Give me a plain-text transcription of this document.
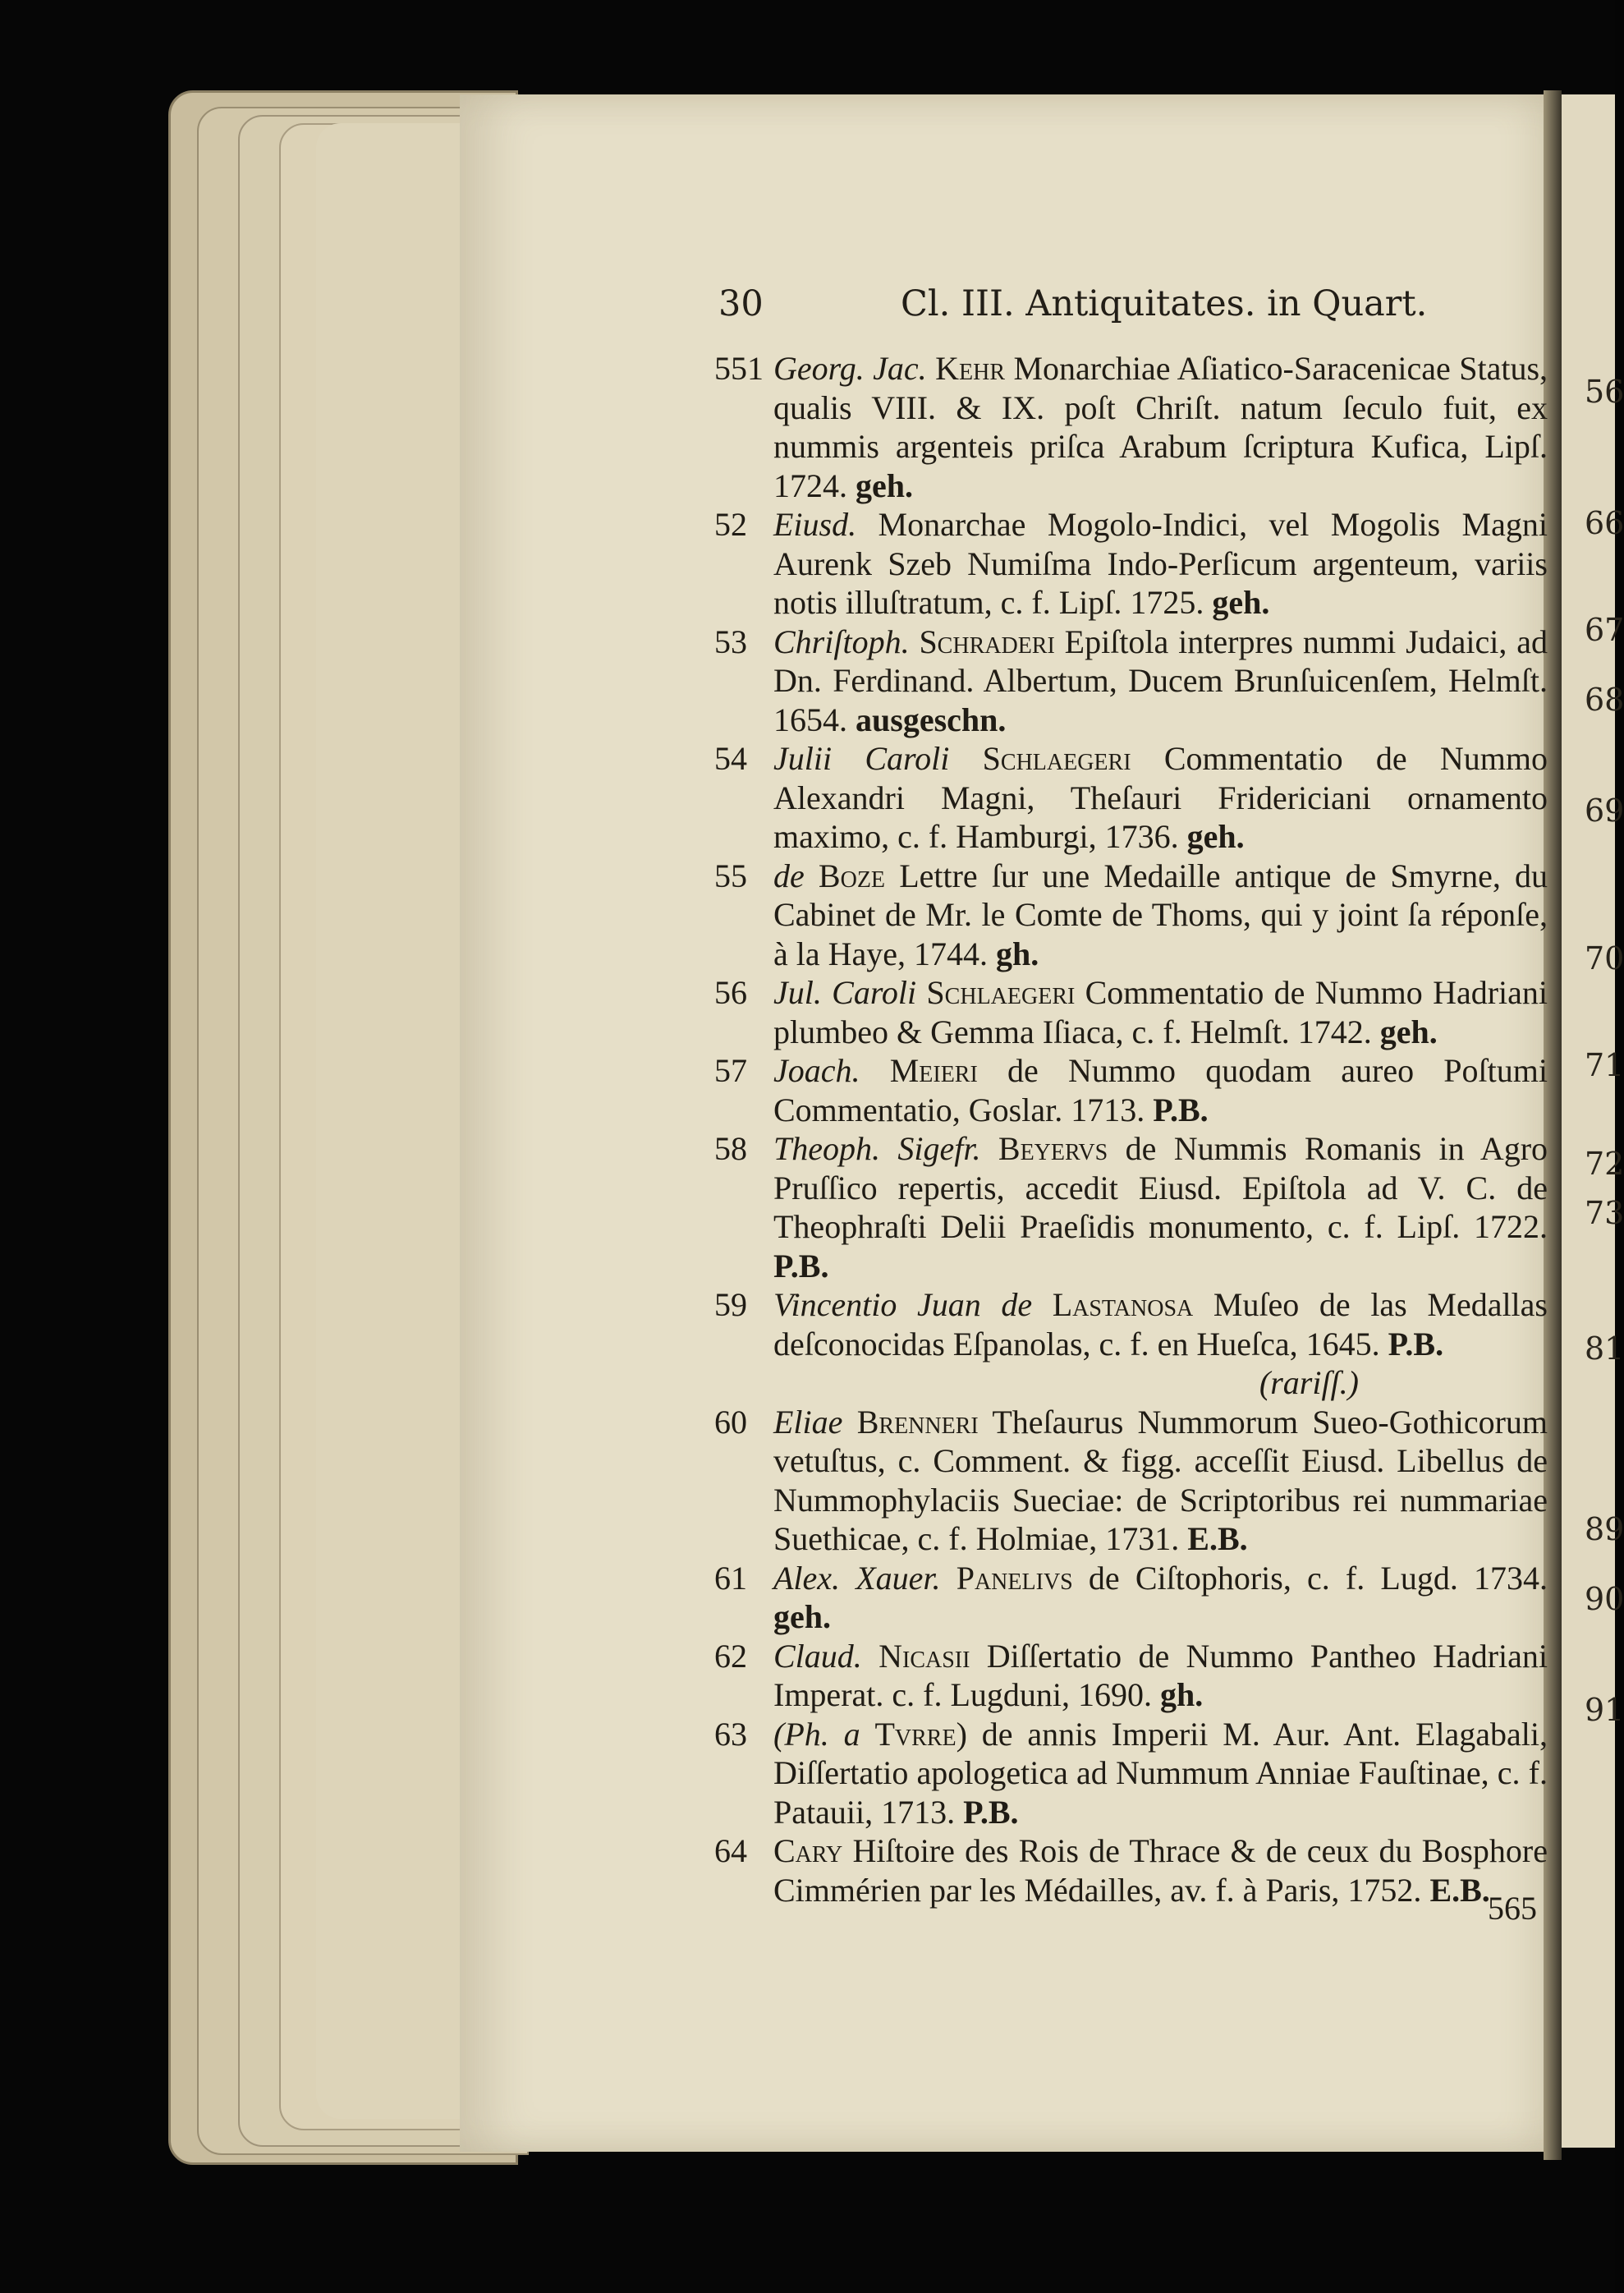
56
66
67
68
69
70
71
72
73
81
89
90
91
30	Cl. III. Antiquitates. in Quart.
551 Georg. Jac. Kehr Monarchiae Aſiatico-Saracenicae Status, qualis VIII. & IX. poſt Chriſt. natum ſeculo fuit, ex nummis argenteis priſca Arabum ſcriptura Kufica, Lipſ. 1724. geh.
52 Eiusd. Monarchae Mogolo-Indici, vel Mogolis Magni Aurenk Szeb Numiſma Indo-Perſicum argenteum, variis notis illuſtratum, c. f. Lipſ. 1725. geh.
53 Chriſtoph. Schraderi Epiſtola interpres nummi Judaici, ad Dn. Ferdinand. Albertum, Ducem Brunſuicenſem, Helmſt. 1654. ausgeschn.
54 Julii Caroli Schlaegeri Commentatio de Nummo Alexandri Magni, Theſauri Fridericiani ornamento maximo, c. f. Hamburgi, 1736. geh.
55 de Boze Lettre ſur une Medaille antique de Smyrne, du Cabinet de Mr. le Comte de Thoms, qui y joint ſa réponſe, à la Haye, 1744. gh.
56 Jul. Caroli Schlaegeri Commentatio de Nummo Hadriani plumbeo & Gemma Iſiaca, c. f. Helmſt. 1742. geh.
57 Joach. Meieri de Nummo quodam aureo Poſtumi Commentatio, Goslar. 1713. P.B.
58 Theoph. Sigefr. Beyervs de Nummis Romanis in Agro Pruſſico repertis, accedit Eiusd. Epiſtola ad V. C. de Theophraſti Delii Praeſidis monumento, c. f. Lipſ. 1722. P.B.
59 Vincentio Juan de Lastanosa Muſeo de las Medallas deſconocidas Eſpanolas, c. f. en Hueſca, 1645. P.B.
(rariſſ.)
60 Eliae Brenneri Theſaurus Nummorum Sueo-Gothicorum vetuſtus, c. Comment. & figg. acceſſit Eiusd. Libellus de Nummophylaciis Sueciae: de Scriptoribus rei nummariae Suethicae, c. f. Holmiae, 1731. E.B.
61 Alex. Xauer. Panelivs de Ciſtophoris, c. f. Lugd. 1734. geh.
62 Claud. Nicasii Diſſertatio de Nummo Pantheo Hadriani Imperat. c. f. Lugduni, 1690. gh.
63 (Ph. a Tvrre) de annis Imperii M. Aur. Ant. Elagabali, Diſſertatio apologetica ad Nummum Anniae Fauſtinae, c. f. Patauii, 1713. P.B.
64 Cary Hiſtoire des Rois de Thrace & de ceux du Bosphore Cimmérien par les Médailles, av. f. à Paris, 1752. E.B.
565
